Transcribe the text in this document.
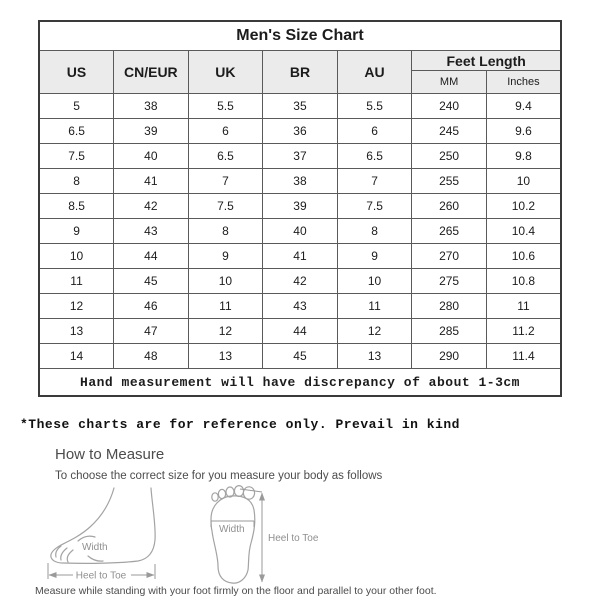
Men's Size Chart						
US	CN/EUR	UK	BR	AU	Feet Length	
					MM	Inches
5	38	5.5	35	5.5	240	9.4
6.5	39	6	36	6	245	9.6
7.5	40	6.5	37	6.5	250	9.8
8	41	7	38	7	255	10
8.5	42	7.5	39	7.5	260	10.2
9	43	8	40	8	265	10.4
10	44	9	41	9	270	10.6
11	45	10	42	10	275	10.8
12	46	11	43	11	280	11
13	47	12	44	12	285	11.2
14	48	13	45	13	290	11.4
Hand measurement will have discrepancy of about 1-3cm						
*These charts are for reference only. Prevail in kind
How to Measure
To choose the correct size for you measure your body as follows
Width
Heel to Toe
Width
Heel to Toe
Measure while standing with your foot firmly on the floor and parallel to your other foot.
